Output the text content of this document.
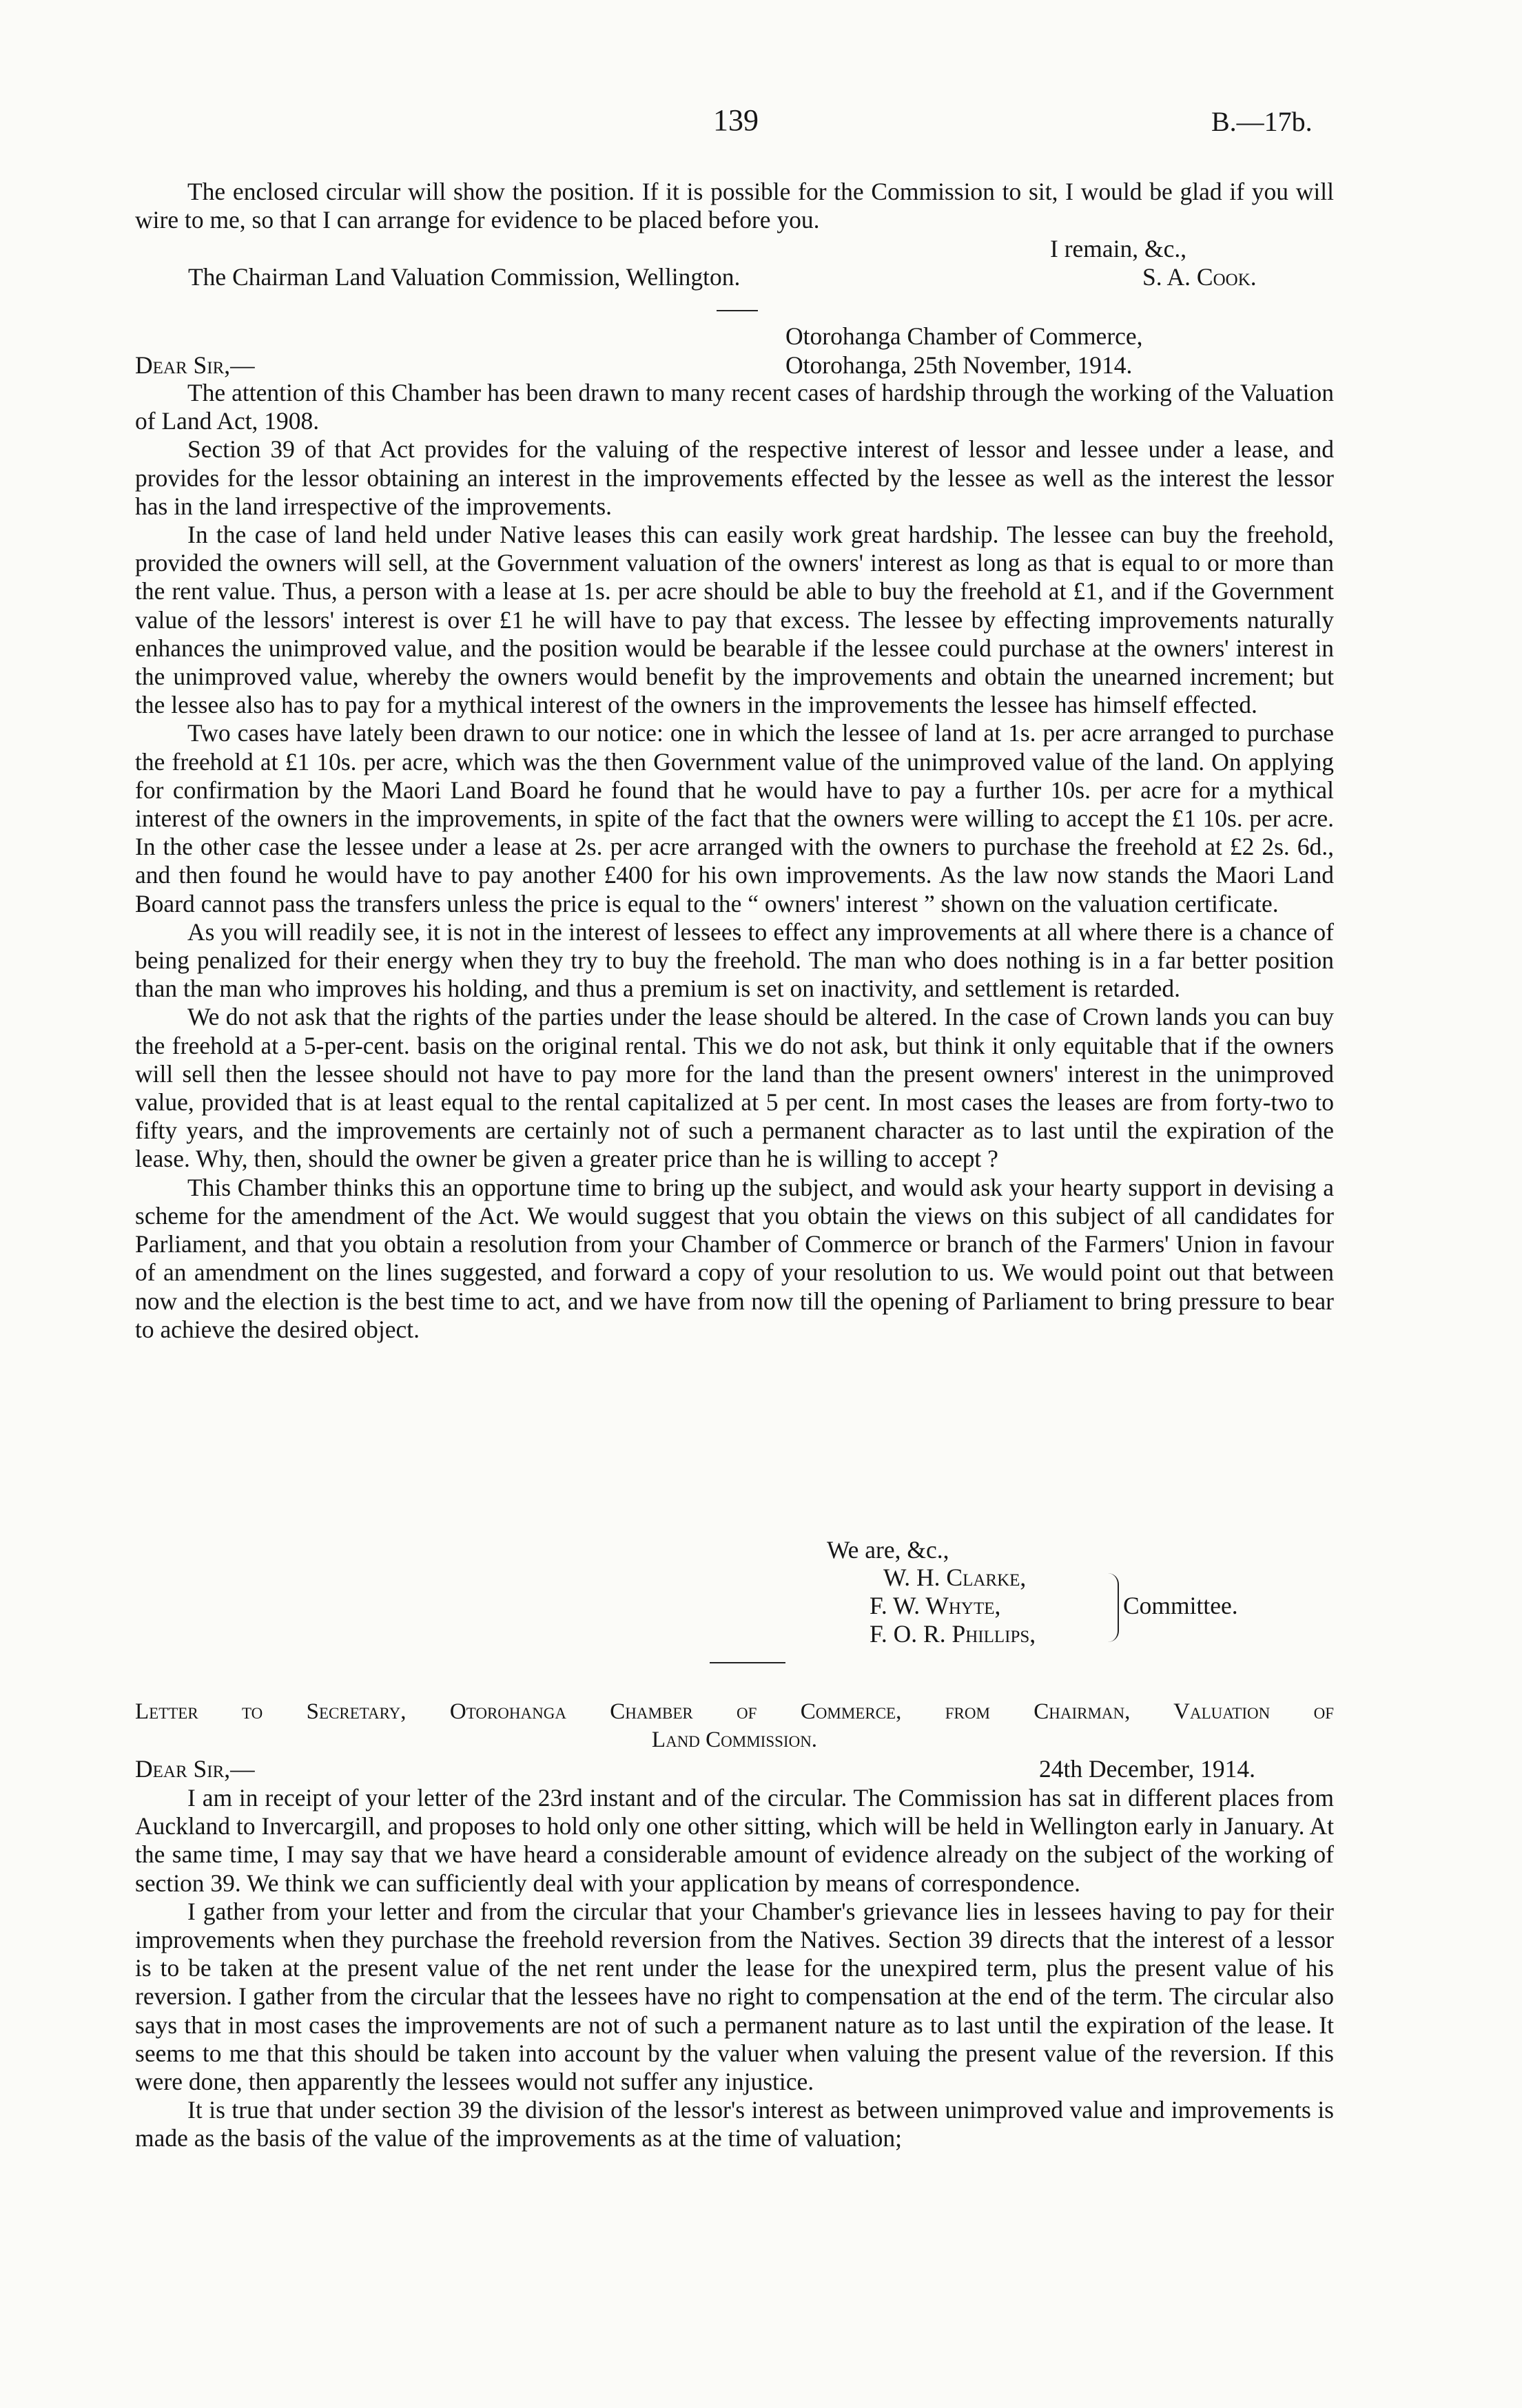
139	B.—17b.

The enclosed circular will show the position. If it is possible for the Commission to sit, I would be glad if you will wire to me, so that I can arrange for evidence to be placed before you.

I remain, &c.,
The Chairman Land Valuation Commission, Wellington.	S. A. Cook.
Otorohanga Chamber of Commerce,
Dear Sir,—	Otorohanga, 25th November, 1914.

The attention of this Chamber has been drawn to many recent cases of hardship through the working of the Valuation of Land Act, 1908.

Section 39 of that Act provides for the valuing of the respective interest of lessor and lessee under a lease, and provides for the lessor obtaining an interest in the improvements effected by the lessee as well as the interest the lessor has in the land irrespective of the improvements.

In the case of land held under Native leases this can easily work great hardship. The lessee can buy the freehold, provided the owners will sell, at the Government valuation of the owners' interest as long as that is equal to or more than the rent value. Thus, a person with a lease at 1s. per acre should be able to buy the freehold at £1, and if the Government value of the lessors' interest is over £1 he will have to pay that excess. The lessee by effecting improvements naturally enhances the unimproved value, and the position would be bearable if the lessee could purchase at the owners' interest in the unimproved value, whereby the owners would benefit by the improvements and obtain the unearned increment; but the lessee also has to pay for a mythical interest of the owners in the improvements the lessee has himself effected.

Two cases have lately been drawn to our notice: one in which the lessee of land at 1s. per acre arranged to purchase the freehold at £1 10s. per acre, which was the then Government value of the unimproved value of the land. On applying for confirmation by the Maori Land Board he found that he would have to pay a further 10s. per acre for a mythical interest of the owners in the improvements, in spite of the fact that the owners were willing to accept the £1 10s. per acre. In the other case the lessee under a lease at 2s. per acre arranged with the owners to purchase the freehold at £2 2s. 6d., and then found he would have to pay another £400 for his own improvements. As the law now stands the Maori Land Board cannot pass the transfers unless the price is equal to the “ owners' interest ” shown on the valuation certificate.

As you will readily see, it is not in the interest of lessees to effect any improvements at all where there is a chance of being penalized for their energy when they try to buy the freehold. The man who does nothing is in a far better position than the man who improves his holding, and thus a premium is set on inactivity, and settlement is retarded.

We do not ask that the rights of the parties under the lease should be altered. In the case of Crown lands you can buy the freehold at a 5-per-cent. basis on the original rental. This we do not ask, but think it only equitable that if the owners will sell then the lessee should not have to pay more for the land than the present owners' interest in the unimproved value, provided that is at least equal to the rental capitalized at 5 per cent. In most cases the leases are from forty-two to fifty years, and the improvements are certainly not of such a permanent character as to last until the expiration of the lease. Why, then, should the owner be given a greater price than he is willing to accept ?

This Chamber thinks this an opportune time to bring up the subject, and would ask your hearty support in devising a scheme for the amendment of the Act. We would suggest that you obtain the views on this subject of all candidates for Parliament, and that you obtain a resolution from your Chamber of Commerce or branch of the Farmers' Union in favour of an amendment on the lines suggested, and forward a copy of your resolution to us. We would point out that between now and the election is the best time to act, and we have from now till the opening of Parliament to bring pressure to bear to achieve the desired object.

We are, &c.,
W. H. Clarke,
F. W. Whyte,
F. O. R. Phillips,
Committee.
Letter to Secretary, Otorohanga Chamber of Commerce, from Chairman, Valuation of
Land Commission.
Dear Sir,—	24th December, 1914.

I am in receipt of your letter of the 23rd instant and of the circular. The Commission has sat in different places from Auckland to Invercargill, and proposes to hold only one other sitting, which will be held in Wellington early in January. At the same time, I may say that we have heard a considerable amount of evidence already on the subject of the working of section 39. We think we can sufficiently deal with your application by means of correspondence.

I gather from your letter and from the circular that your Chamber's grievance lies in lessees having to pay for their improvements when they purchase the freehold reversion from the Natives. Section 39 directs that the interest of a lessor is to be taken at the present value of the net rent under the lease for the unexpired term, plus the present value of his reversion. I gather from the circular that the lessees have no right to compensation at the end of the term. The circular also says that in most cases the improvements are not of such a permanent nature as to last until the expiration of the lease. It seems to me that this should be taken into account by the valuer when valuing the present value of the reversion. If this were done, then apparently the lessees would not suffer any injustice.

It is true that under section 39 the division of the lessor's interest as between unimproved value and improvements is made as the basis of the value of the improvements as at the time of valuation;
